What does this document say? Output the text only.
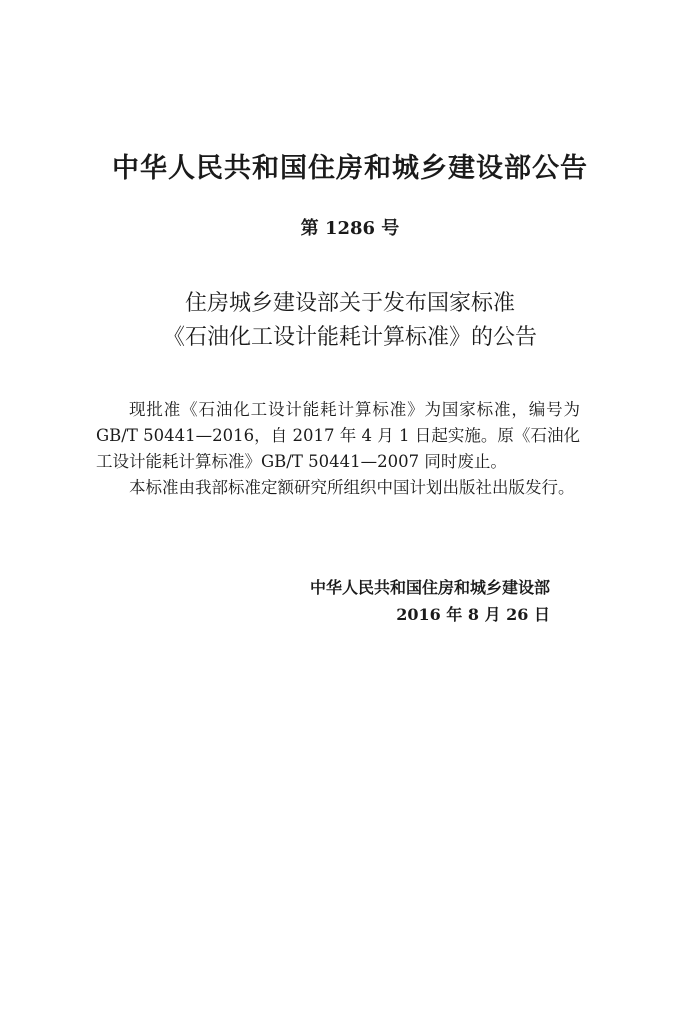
中华人民共和国住房和城乡建设部公告
第 1286 号
住房城乡建设部关于发布国家标准
《石油化工设计能耗计算标准》的公告

现批准《石油化工设计能耗计算标准》为国家标准，编号为GB/T 50441—2016，自 2017 年 4 月 1 日起实施。原《石油化工设计能耗计算标准》GB/T 50441—2007 同时废止。

本标准由我部标准定额研究所组织中国计划出版社出版发行。

中华人民共和国住房和城乡建设部
2016 年 8 月 26 日
